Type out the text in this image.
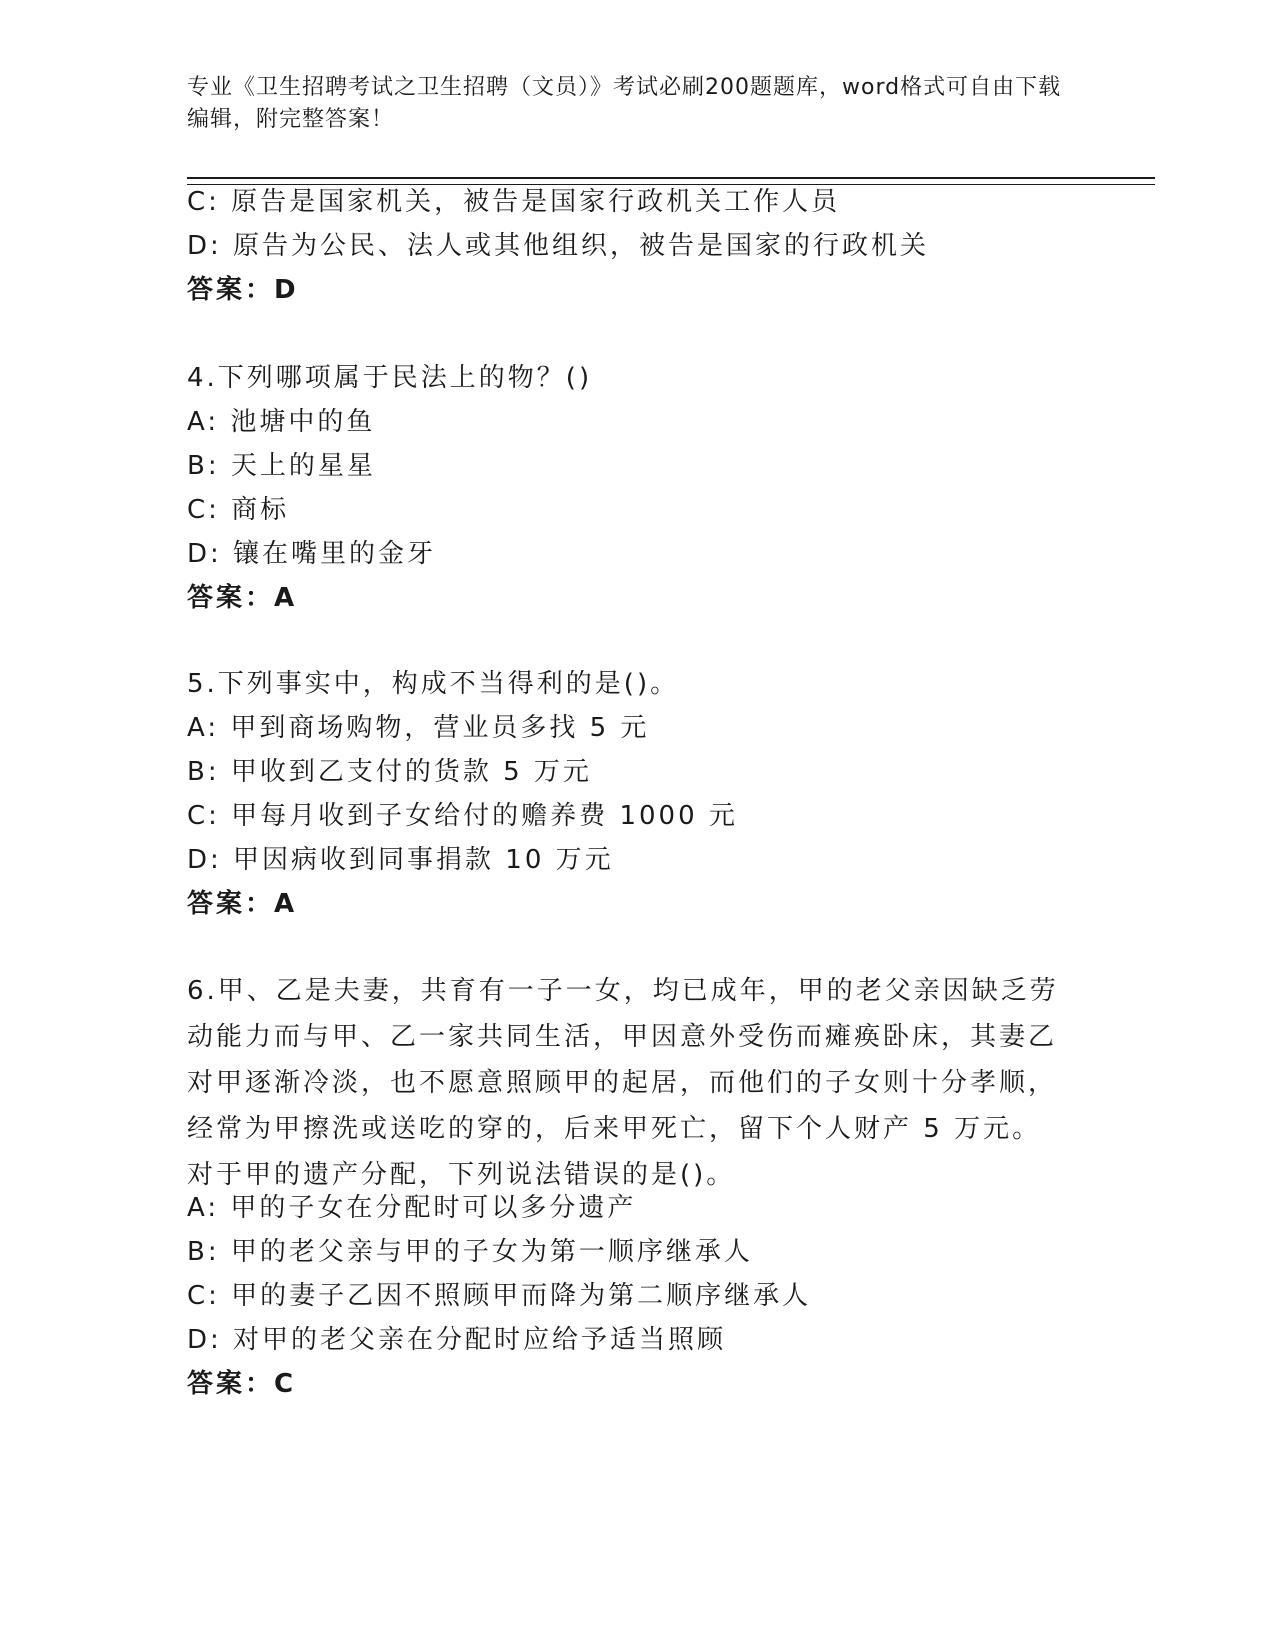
专业《卫生招聘考试之卫生招聘（文员）》考试必刷200题题库，word格式可自由下载编辑，附完整答案！
C: 原告是国家机关，被告是国家行政机关工作人员
D: 原告为公民、法人或其他组织，被告是国家的行政机关
答案：D
4.下列哪项属于民法上的物？()
A: 池塘中的鱼
B: 天上的星星
C: 商标
D: 镶在嘴里的金牙
答案：A
5.下列事实中，构成不当得利的是()。
A: 甲到商场购物，营业员多找 5 元
B: 甲收到乙支付的货款 5 万元
C: 甲每月收到子女给付的赡养费 1000 元
D: 甲因病收到同事捐款 10 万元
答案：A
6.甲、乙是夫妻，共育有一子一女，均已成年，甲的老父亲因缺乏劳动能力而与甲、乙一家共同生活，甲因意外受伤而瘫痪卧床，其妻乙对甲逐渐冷淡，也不愿意照顾甲的起居，而他们的子女则十分孝顺，经常为甲擦洗或送吃的穿的，后来甲死亡，留下个人财产 5 万元。对于甲的遗产分配，下列说法错误的是()。
A: 甲的子女在分配时可以多分遗产
B: 甲的老父亲与甲的子女为第一顺序继承人
C: 甲的妻子乙因不照顾甲而降为第二顺序继承人
D: 对甲的老父亲在分配时应给予适当照顾
答案：C
